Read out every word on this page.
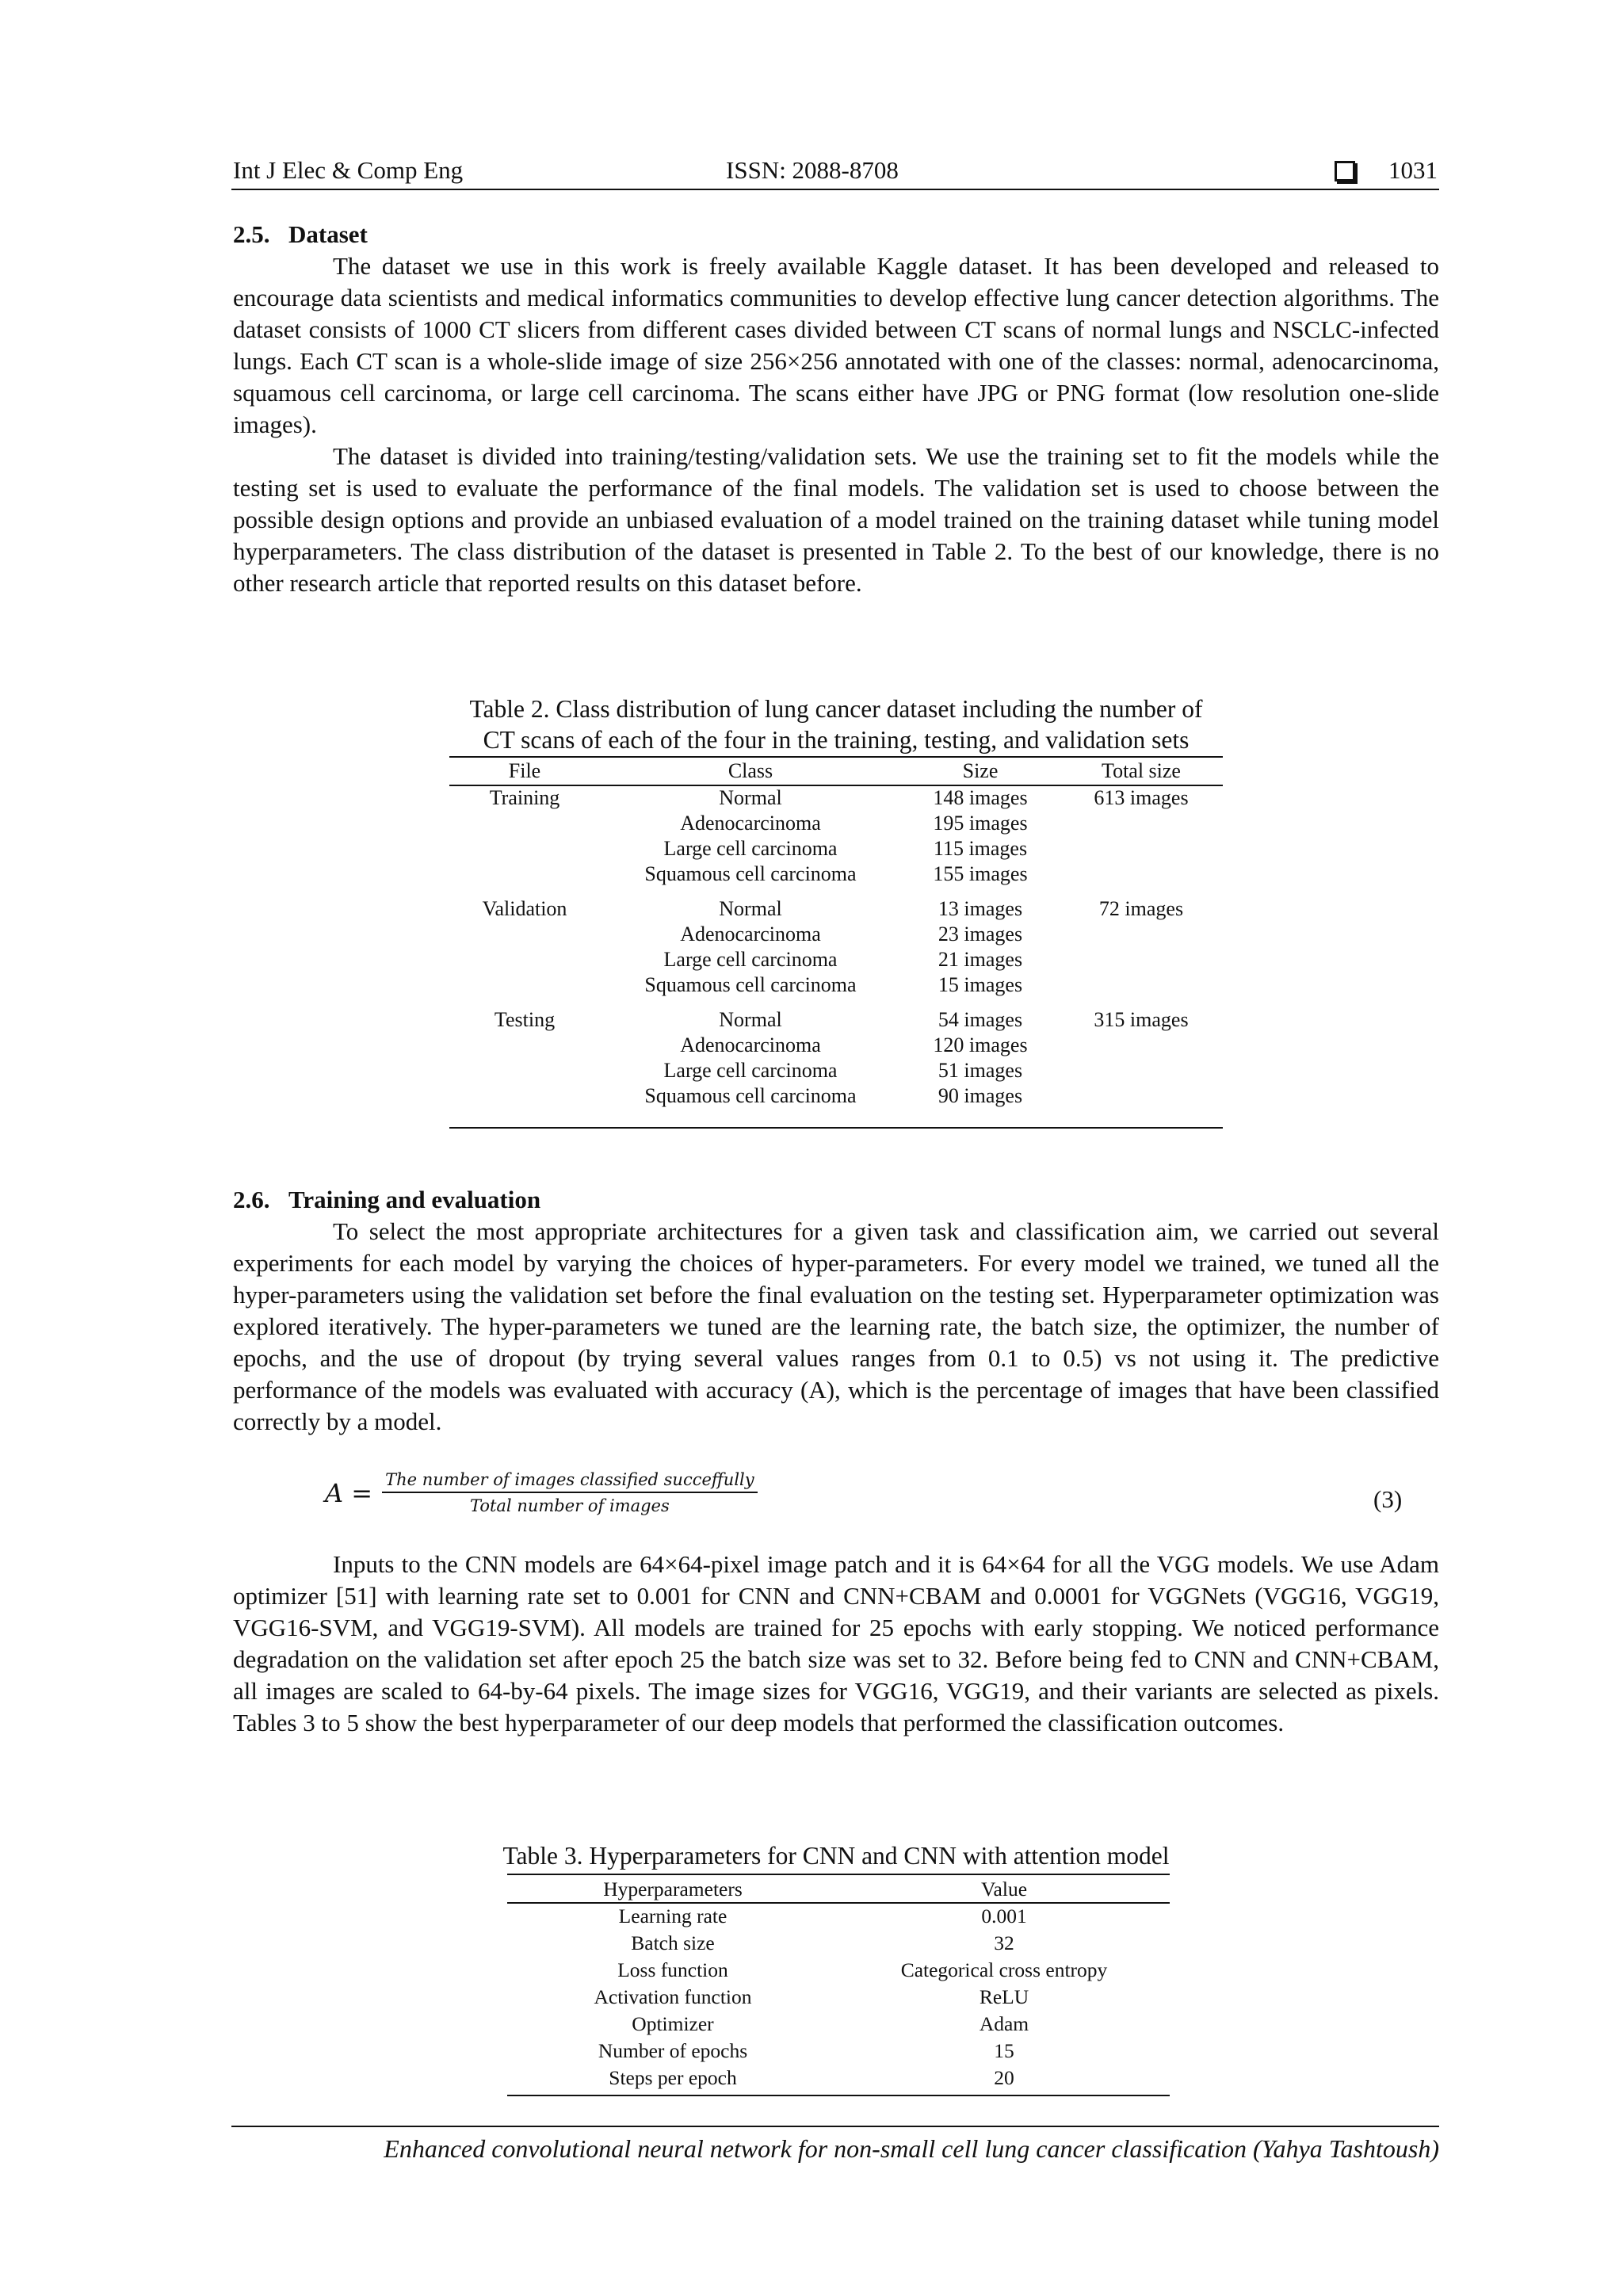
Int J Elec & Comp Eng	ISSN: 2088-8708	1031
2.5. Dataset

The dataset we use in this work is freely available Kaggle dataset. It has been developed and released to encourage data scientists and medical informatics communities to develop effective lung cancer detection algorithms. The dataset consists of 1000 CT slicers from different cases divided between CT scans of normal lungs and NSCLC-infected lungs. Each CT scan is a whole-slide image of size 256×256 annotated with one of the classes: normal, adenocarcinoma, squamous cell carcinoma, or large cell carcinoma. The scans either have JPG or PNG format (low resolution one-slide images).

The dataset is divided into training/testing/validation sets. We use the training set to fit the models while the testing set is used to evaluate the performance of the final models. The validation set is used to choose between the possible design options and provide an unbiased evaluation of a model trained on the training dataset while tuning model hyperparameters. The class distribution of the dataset is presented in Table 2. To the best of our knowledge, there is no other research article that reported results on this dataset before.

Table 2. Class distribution of lung cancer dataset including the number of

CT scans of each of the four in the training, testing, and validation sets

File	Class	Size	Total size
Training	Normal	148 images	613 images
	Adenocarcinoma	195 images	
	Large cell carcinoma	115 images	
	Squamous cell carcinoma	155 images	

Validation	Normal	13 images	72 images
	Adenocarcinoma	23 images	
	Large cell carcinoma	21 images	
	Squamous cell carcinoma	15 images	

Testing	Normal	54 images	315 images
	Adenocarcinoma	120 images	
	Large cell carcinoma	51 images	
	Squamous cell carcinoma	90 images	
2.6. Training and evaluation

To select the most appropriate architectures for a given task and classification aim, we carried out several experiments for each model by varying the choices of hyper-parameters. For every model we trained, we tuned all the hyper-parameters using the validation set before the final evaluation on the testing set. Hyperparameter optimization was explored iteratively. The hyper-parameters we tuned are the learning rate, the batch size, the optimizer, the number of epochs, and the use of dropout (by trying several values ranges from 0.1 to 0.5) vs not using it. The predictive performance of the models was evaluated with accuracy (A), which is the percentage of images that have been classified correctly by a model.

$A = \frac{\text{The number of images classified succeffully}}{\text{Total number of images}}$	(3)

Inputs to the CNN models are 64×64-pixel image patch and it is 64×64 for all the VGG models. We use Adam optimizer [51] with learning rate set to 0.001 for CNN and CNN+CBAM and 0.0001 for VGGNets (VGG16, VGG19, VGG16-SVM, and VGG19-SVM). All models are trained for 25 epochs with early stopping. We noticed performance degradation on the validation set after epoch 25 the batch size was set to 32. Before being fed to CNN and CNN+CBAM, all images are scaled to 64-by-64 pixels. The image sizes for VGG16, VGG19, and their variants are selected as pixels. Tables 3 to 5 show the best hyperparameter of our deep models that performed the classification outcomes.

Table 3. Hyperparameters for CNN and CNN with attention model

Hyperparameters	Value
Learning rate	0.001
Batch size	32
Loss function	Categorical cross entropy
Activation function	ReLU
Optimizer	Adam
Number of epochs	15
Steps per epoch	20
Enhanced convolutional neural network for non-small cell lung cancer classification (Yahya Tashtoush)
